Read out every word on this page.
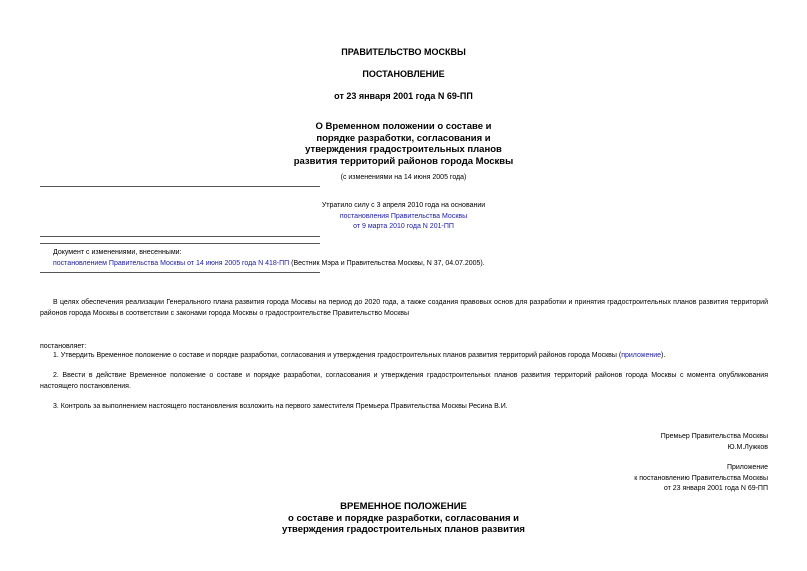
ПРАВИТЕЛЬСТВО МОСКВЫ
ПОСТАНОВЛЕНИЕ
от 23 января 2001 года N 69-ПП
О Временном положении о составе и
порядке разработки, согласования и
утверждения градостроительных планов
развития территорий районов города Москвы
(с изменениями на 14 июня 2005 года)
Утратило силу с 3 апреля 2010 года на основании
постановления Правительства Москвы
от 9 марта 2010 года N 201-ПП
Документ с изменениями, внесенными:
постановлением Правительства Москвы от 14 июня 2005 года N 418-ПП (Вестник Мэра и Правительства Москвы, N 37, 04.07.2005).
В целях обеспечения реализации Генерального плана развития города Москвы на период до 2020 года, а также создания правовых основ для разработки и принятия градостроительных планов развития территорий районов города Москвы в соответствии с законами города Москвы о градостроительстве Правительство Москвы
постановляет:
1. Утвердить Временное положение о составе и порядке разработки, согласования и утверждения градостроительных планов развития территорий районов города Москвы (приложение).
2. Ввести в действие Временное положение о составе и порядке разработки, согласования и утверждения градостроительных планов развития территорий районов города Москвы с момента опубликования настоящего постановления.
3. Контроль за выполнением настоящего постановления возложить на первого заместителя Премьера Правительства Москвы Ресина В.И.
Премьер Правительства Москвы
Ю.М.Лужков
Приложение
к постановлению Правительства Москвы
от 23 января 2001 года N 69-ПП
ВРЕМЕННОЕ ПОЛОЖЕНИЕ
о составе и порядке разработки, согласования и
утверждения градостроительных планов развития
